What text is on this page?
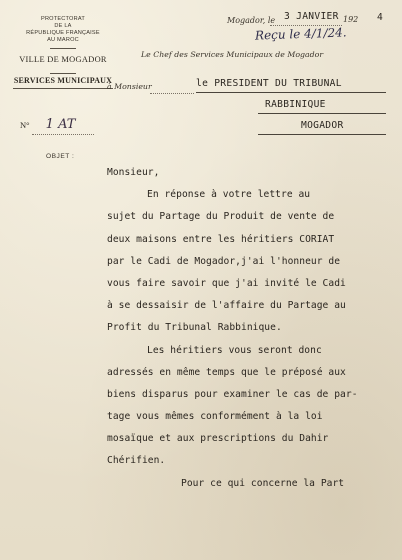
PROTECTORAT
DE LA
RÉPUBLIQUE FRANÇAISE
AU MAROC
VILLE DE MOGADOR
SERVICES MUNICIPAUX
N° 1 AT
OBJET :
Mogador, le 3 JANVIER 192 4
Reçu le 4/1/24.
Le Chef des Services Municipaux de Mogador
à Monsieur	le PRESIDENT DU TRIBUNAL
RABBINIQUE
MOGADOR
Monsieur,
En réponse à votre lettre au
sujet du Partage du Produit de vente de
deux maisons entre les héritiers CORIAT
par le Cadi de Mogador,j'ai l'honneur de
vous faire savoir que j'ai invité le Cadi
à se dessaisir de l'affaire du Partage au
Profit du Tribunal Rabbinique.
Les héritiers vous seront donc
adressés en même temps que le préposé aux
biens disparus pour examiner le cas de par-
tage vous mêmes conformément à la loi
mosaïque et aux prescriptions du Dahir
Chérifien.
Pour ce qui concerne la Part
